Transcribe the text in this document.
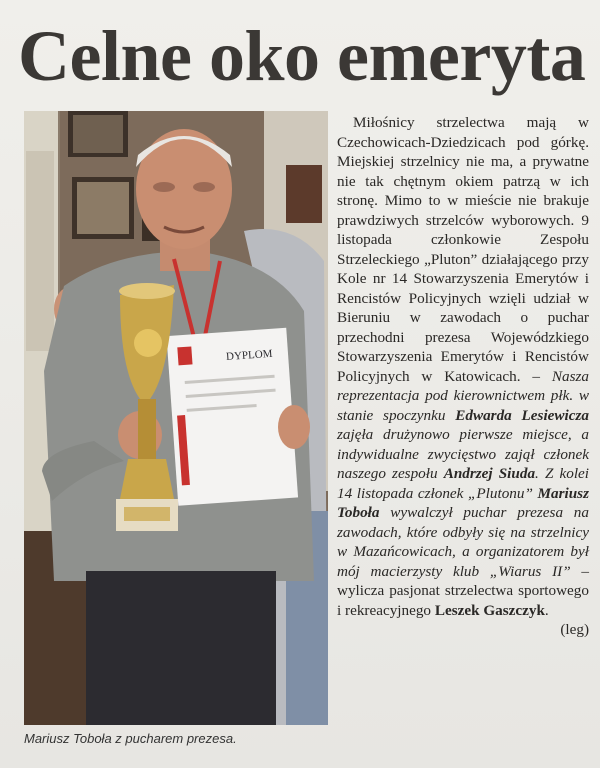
Celne oko emeryta
DYPLOM
Mariusz Toboła z pucharem prezesa.

Miłośnicy strzelectwa mają w Czechowicach-Dziedzicach pod górkę. Miejskiej strzelnicy nie ma, a prywatne nie tak chętnym okiem patrzą w ich stronę. Mimo to w mieście nie brakuje prawdziwych strzelców wyborowych. 9 listopada członkowie Zespołu Strzeleckiego „Pluton” działającego przy Kole nr 14 Stowarzyszenia Emerytów i Rencistów Policyjnych wzięli udział w Bieruniu w zawodach o puchar przechodni prezesa Wojewódzkiego Stowarzyszenia Emerytów i Rencistów Policyjnych w Katowicach. – Nasza reprezentacja pod kierownictwem płk. w stanie spoczynku Edwarda Lesiewicza zajęła drużynowo pierwsze miejsce, a indywidualne zwycięstwo zajął członek naszego zespołu Andrzej Siuda. Z kolei 14 listopada członek „Plutonu” Mariusz Toboła wywalczył puchar prezesa na zawodach, które odbyły się na strzelnicy w Mazańcowicach, a organizatorem był mój macierzysty klub „Wiarus II” – wylicza pasjonat strzelectwa sportowego i rekreacyjnego Leszek Gaszczyk.
(leg)
